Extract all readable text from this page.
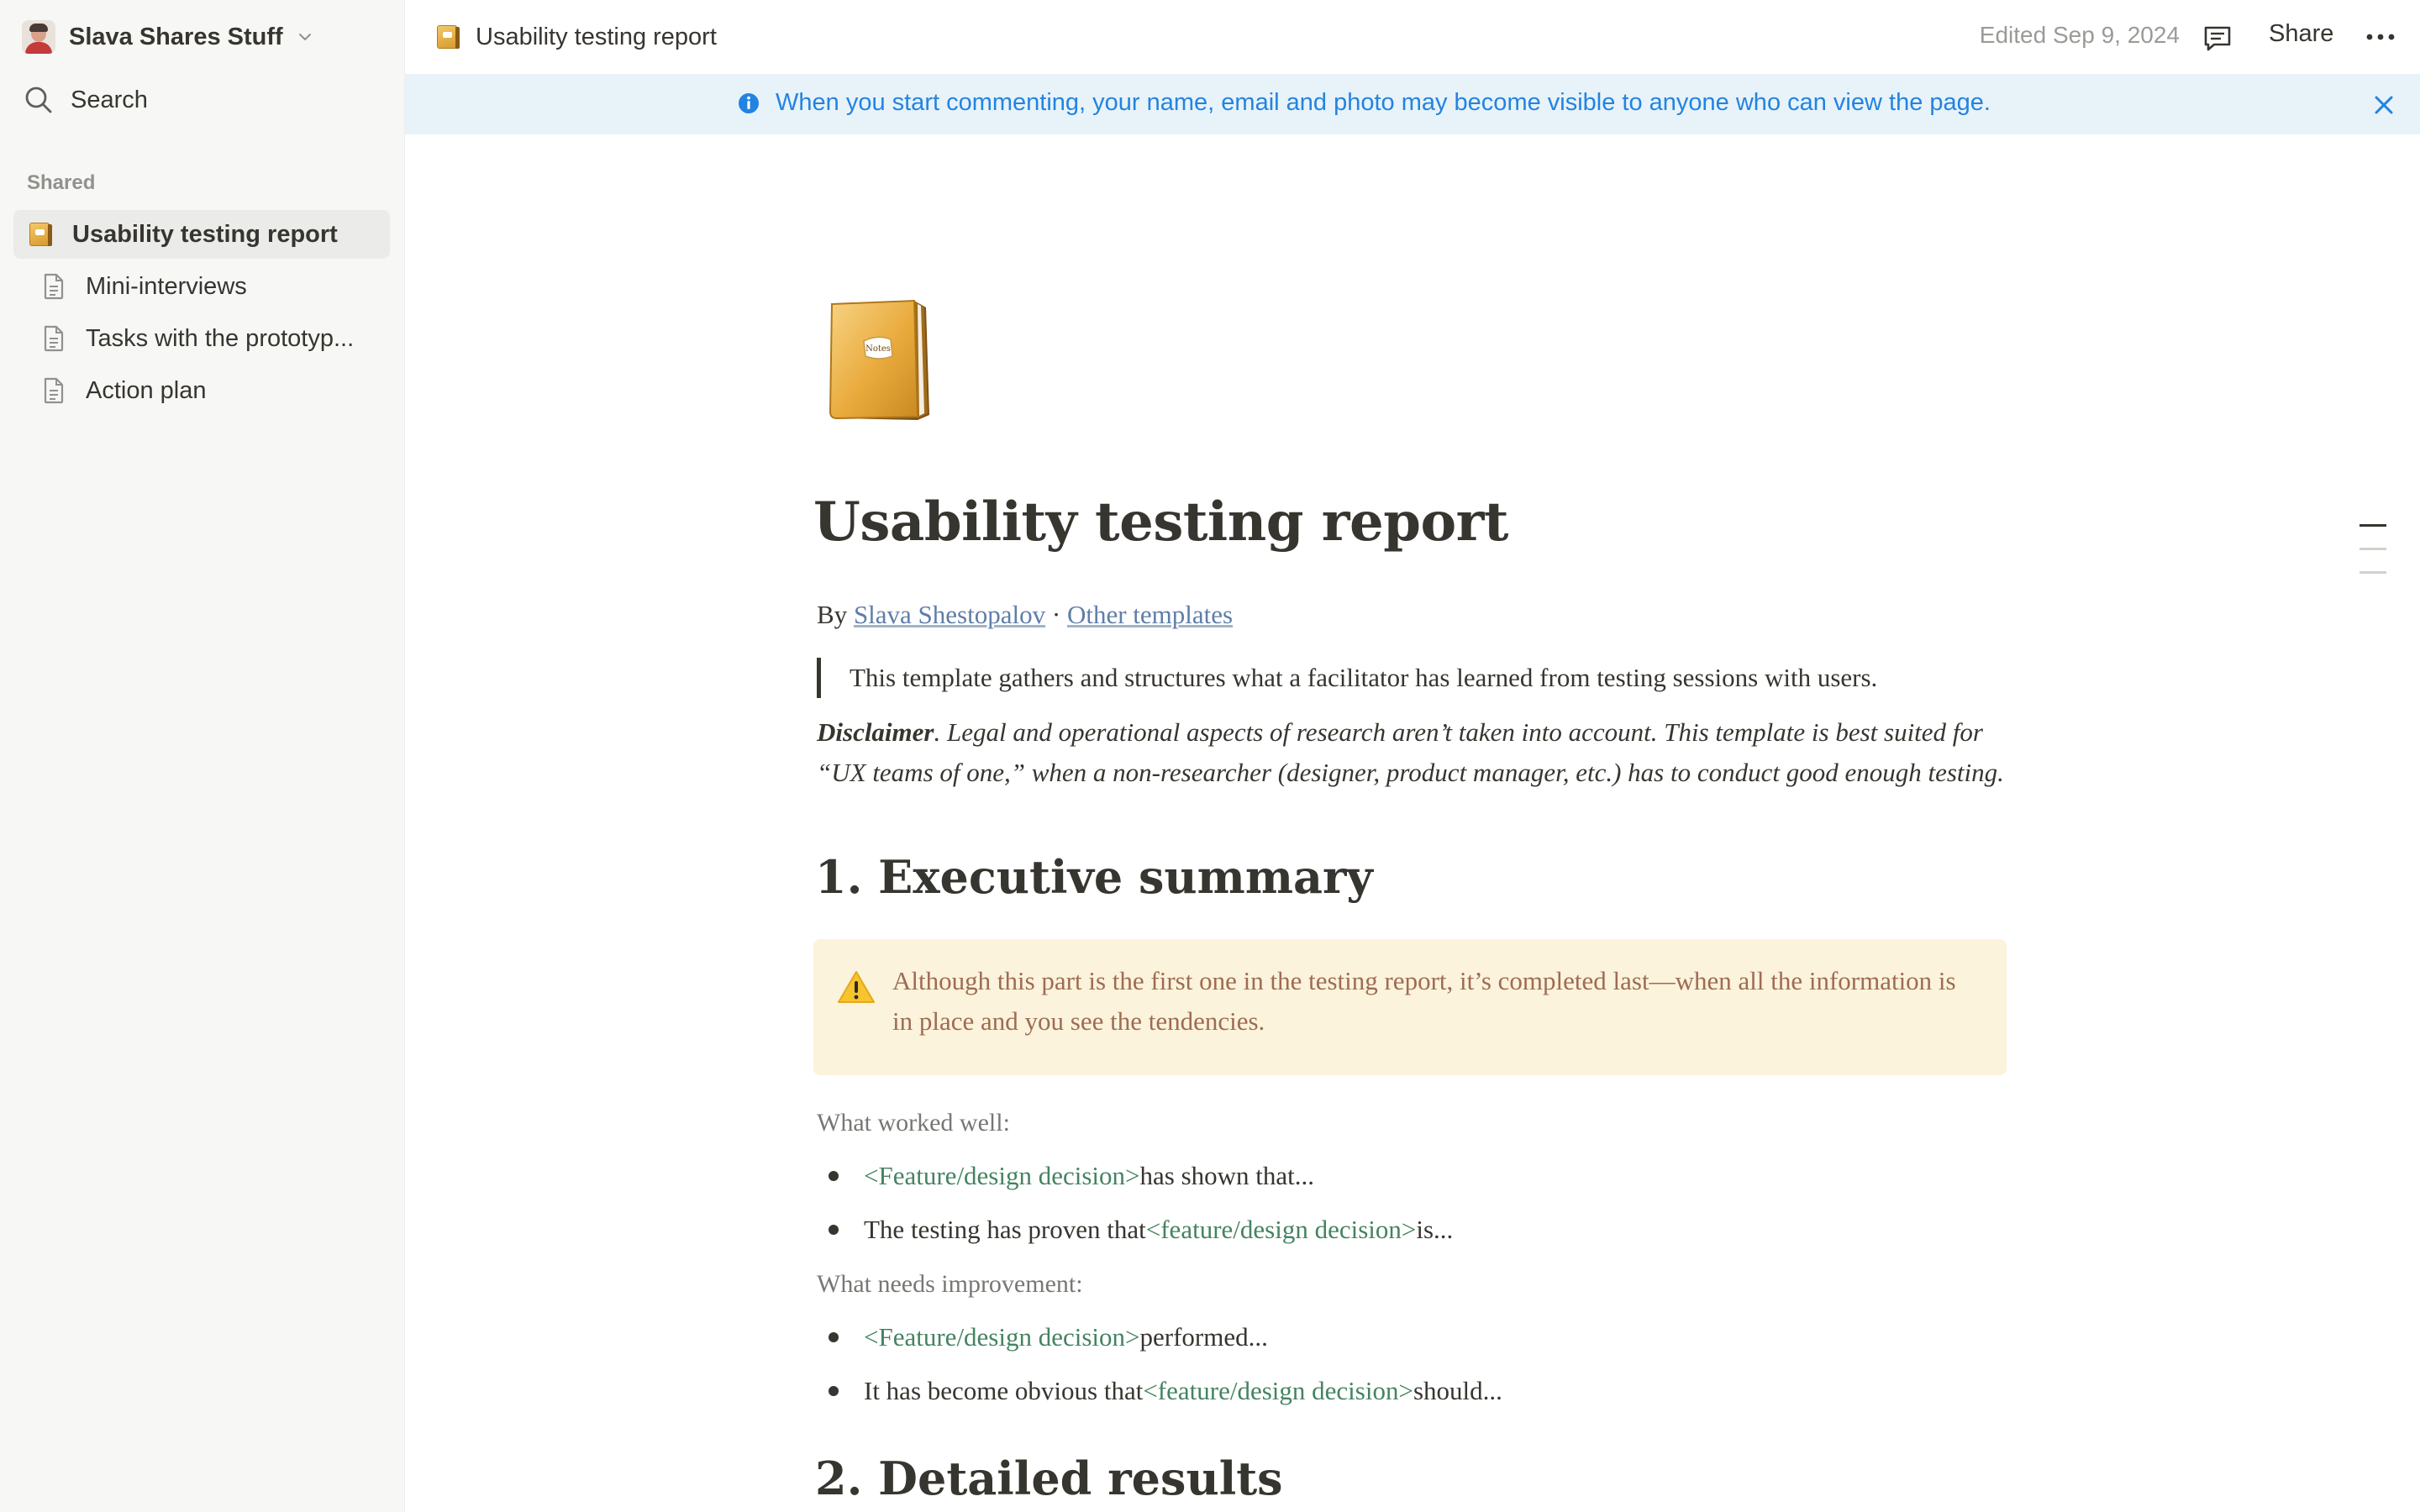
Slava Shares Stuff
Search
Shared
Usability testing report
Mini-interviews
Tasks with the prototyp...
Action plan
Usability testing report	Edited Sep 9, 2024	Share
When you start commenting, your name, email and photo may become visible to anyone who can view the page.
Notes
Usability testing report
By Slava Shestopalov · Other templates
This template gathers and structures what a facilitator has learned from testing sessions with users.
Disclaimer. Legal and operational aspects of research aren’t taken into account. This template is best suited for “UX teams of one,” when a non-researcher (designer, product manager, etc.) has to conduct good enough testing.
1. Executive summary
Although this part is the first one in the testing report, it’s completed last—when all the information is in place and you see the tendencies.
What worked well:
<Feature/design decision> has shown that...
The testing has proven that <feature/design decision> is...
What needs improvement:
<Feature/design decision> performed...
It has become obvious that <feature/design decision> should...
2. Detailed results
